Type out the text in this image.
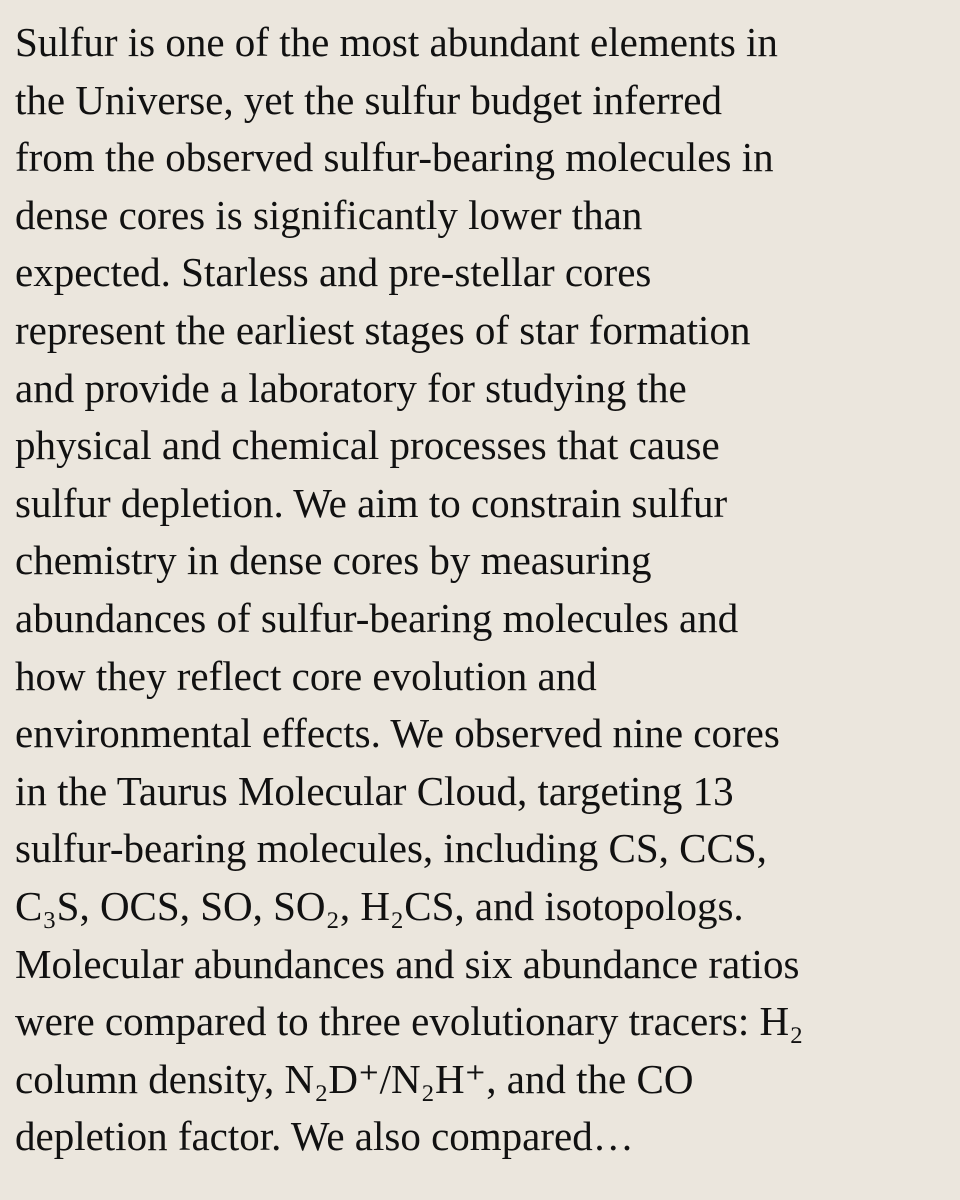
Sulfur is one of the most abundant elements in
the Universe, yet the sulfur budget inferred
from the observed sulfur-bearing molecules in
dense cores is significantly lower than
expected. Starless and pre-stellar cores
represent the earliest stages of star formation
and provide a laboratory for studying the
physical and chemical processes that cause
sulfur depletion. We aim to constrain sulfur
chemistry in dense cores by measuring
abundances of sulfur-bearing molecules and
how they reflect core evolution and
environmental effects. We observed nine cores
in the Taurus Molecular Cloud, targeting 13
sulfur-bearing molecules, including CS, CCS,
C₃S, OCS, SO, SO₂, H₂CS, and isotopologs.
Molecular abundances and six abundance ratios
were compared to three evolutionary tracers: H₂
column density, N₂D⁺/N₂H⁺, and the CO
depletion factor. We also compared…
